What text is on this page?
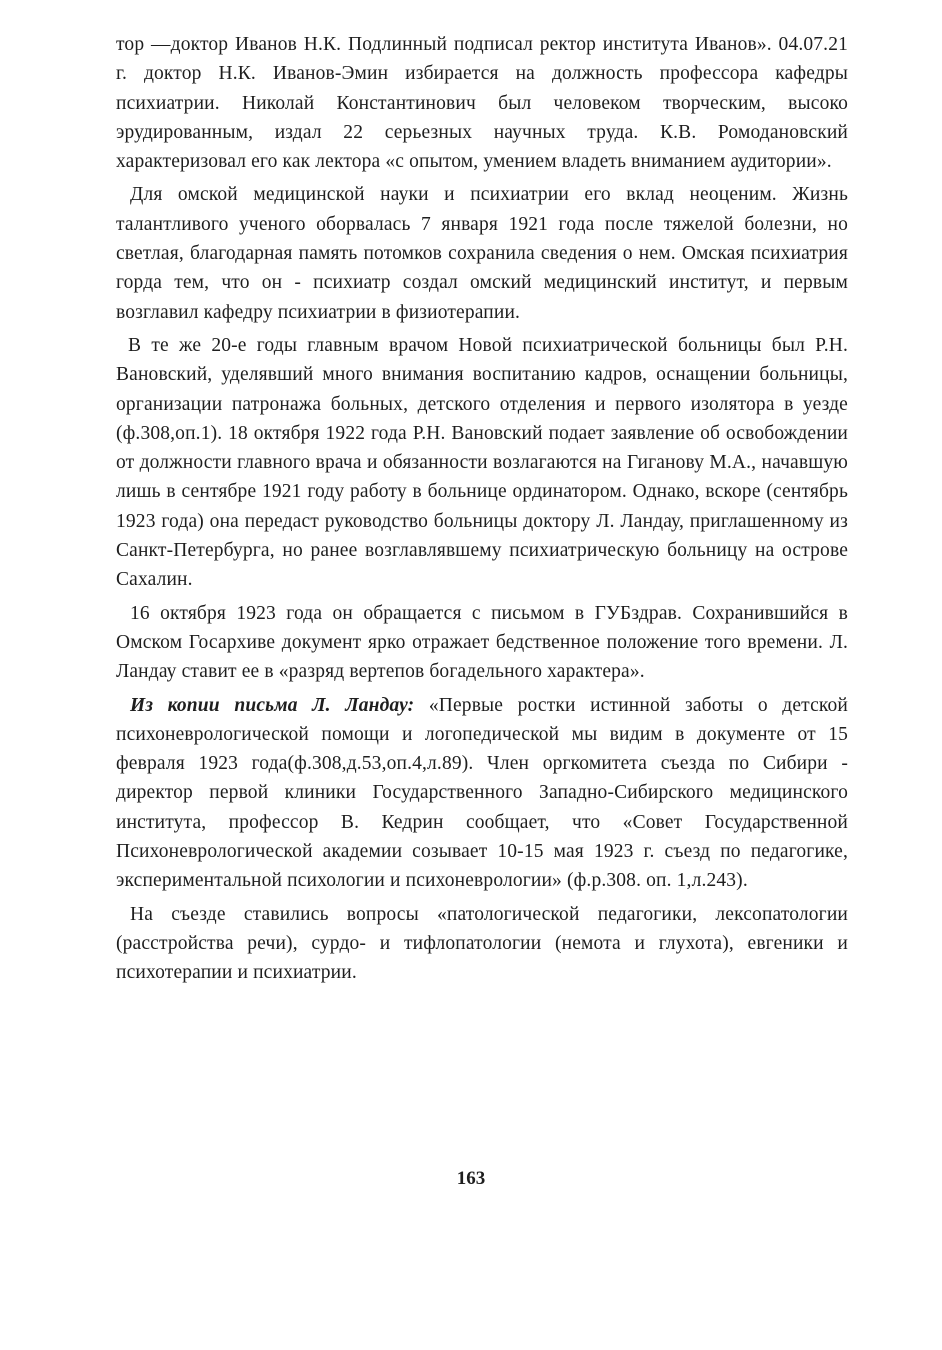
тор —доктор Иванов Н.К. Подлинный подписал ректор института Иванов». 04.07.21 г. доктор Н.К. Иванов-Эмин избирается на должность профессора кафедры психиатрии. Николай Константинович был человеком творческим, высоко эрудированным, издал 22 серьезных научных труда. К.В. Ромодановский характеризовал его как лектора «с опытом, умением владеть вниманием аудитории».

Для омской медицинской науки и психиатрии его вклад неоценим. Жизнь талантливого ученого оборвалась 7 января 1921 года после тяжелой болезни, но светлая, благодарная память потомков сохранила сведения о нем. Омская психиатрия горда тем, что он - психиатр создал омский медицинский институт, и первым возглавил кафедру психиатрии в физиотерапии.

В те же 20-е годы главным врачом Новой психиатрической больницы был Р.Н. Вановский, уделявший много внимания воспитанию кадров, оснащении больницы, организации патронажа больных, детского отделения и первого изолятора в уезде (ф.308,оп.1). 18 октября 1922 года Р.Н. Вановский подает заявление об освобождении от должности главного врача и обязанности возлагаются на Гиганову М.А., начавшую лишь в сентябре 1921 году работу в больнице ординатором. Однако, вскоре (сентябрь 1923 года) она передаст руководство больницы доктору Л. Ландау, приглашенному из Санкт-Петербурга, но ранее возглавлявшему психиатрическую больницу на острове Сахалин.

16 октября 1923 года он обращается с письмом в ГУБздрав. Сохранившийся в Омском Госархиве документ ярко отражает бедственное положение того времени. Л. Ландау ставит ее в «разряд вертепов богадельного характера».

Из копии письма Л. Ландау: «Первые ростки истинной заботы о детской психоневрологической помощи и логопедической мы видим в документе от 15 февраля 1923 года(ф.308,д.53,оп.4,л.89). Член оргкомитета съезда по Сибири - директор первой клиники Государственного Западно-Сибирского медицинского института, профессор В. Кедрин сообщает, что «Совет Государственной Психоневрологической академии созывает 10-15 мая 1923 г. съезд по педагогике, экспериментальной психологии и психоневрологии» (ф.р.308. оп. 1,л.243).

На съезде ставились вопросы «патологической педагогики, лексопатологии (расстройства речи), сурдо- и тифлопатологии (немота и глухота), евгеники и психотерапии и психиатрии.

163
